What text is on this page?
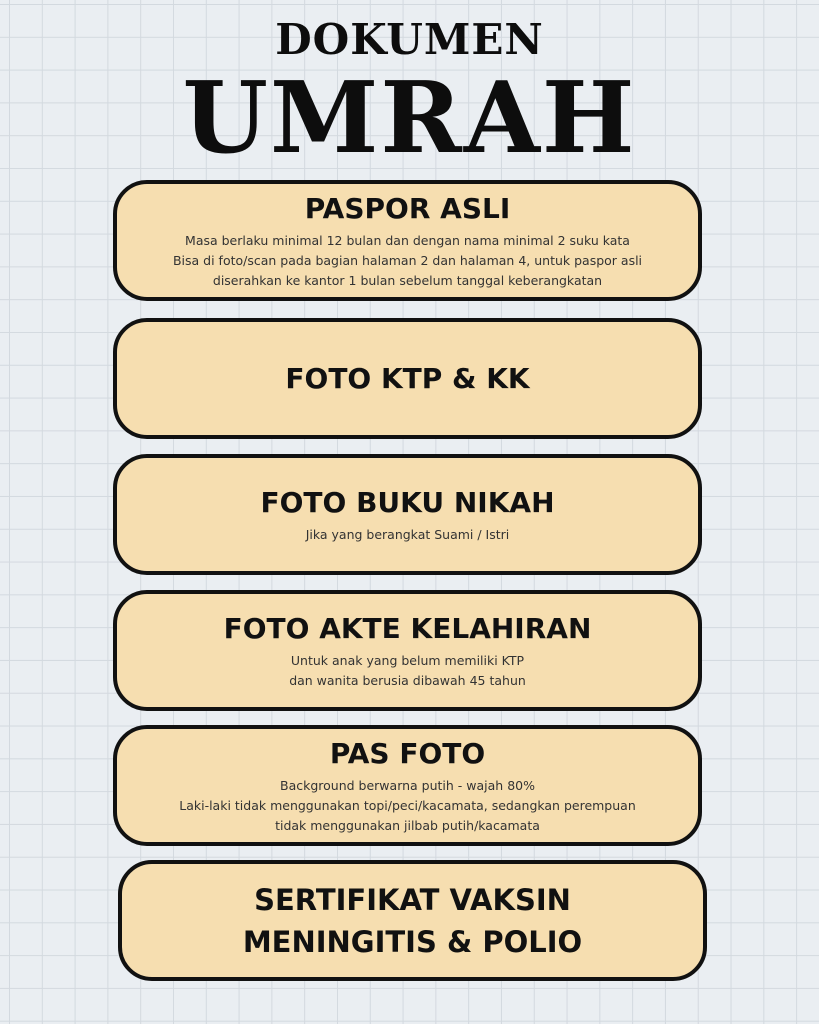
DOKUMEN
UMRAH
PASPOR ASLI
Masa berlaku minimal 12 bulan dan dengan nama minimal 2 suku kata
Bisa di foto/scan pada bagian halaman 2 dan halaman 4, untuk paspor asli
diserahkan ke kantor 1 bulan sebelum tanggal keberangkatan
FOTO KTP & KK
FOTO BUKU NIKAH
Jika yang berangkat Suami / Istri
FOTO AKTE KELAHIRAN
Untuk anak yang belum memiliki KTP
dan wanita berusia dibawah 45 tahun
PAS FOTO
Background berwarna putih - wajah 80%
Laki-laki tidak menggunakan topi/peci/kacamata, sedangkan perempuan
tidak menggunakan jilbab putih/kacamata
SERTIFIKAT VAKSIN
MENINGITIS & POLIO
